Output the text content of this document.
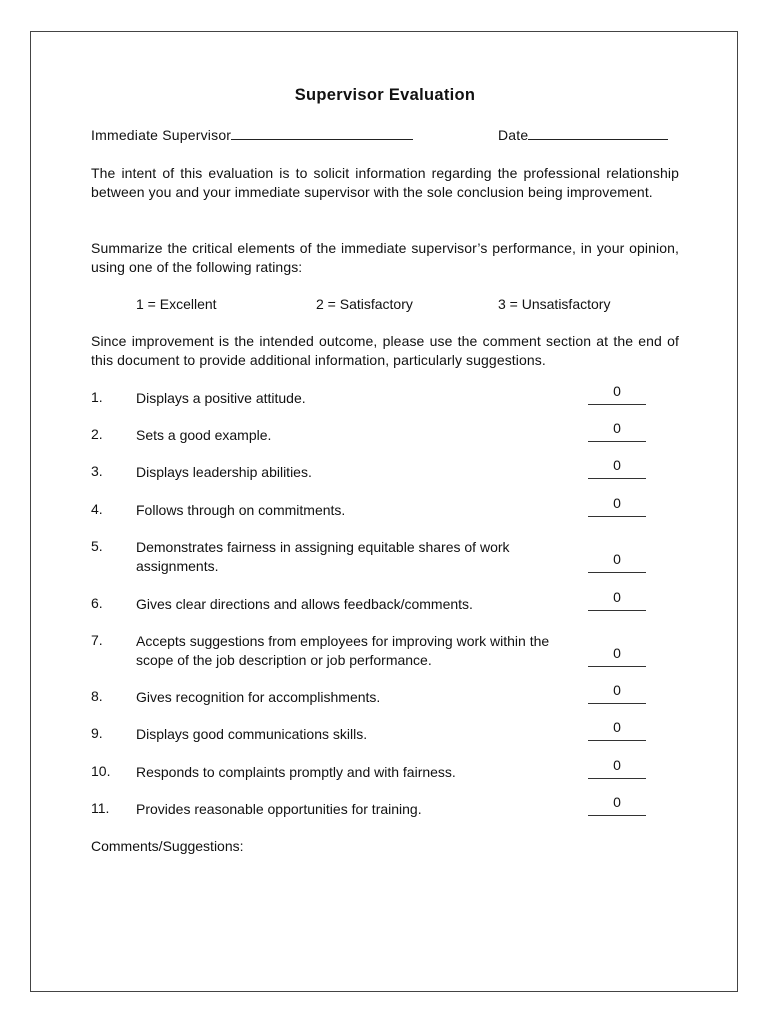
Supervisor Evaluation
Immediate Supervisor	Date
The intent of this evaluation is to solicit information regarding the professional relationship between you and your immediate supervisor with the sole conclusion being improvement.
Summarize the critical elements of the immediate supervisor’s performance, in your opinion, using one of the following ratings:
1 = Excellent	2 = Satisfactory	3 = Unsatisfactory
Since improvement is the intended outcome, please use the comment section at the end of this document to provide additional information, particularly suggestions.
1. Displays a positive attitude.	0
2. Sets a good example.	0
3. Displays leadership abilities.	0
4. Follows through on commitments.	0
5. Demonstrates fairness in assigning equitable shares of work assignments.	0
6. Gives clear directions and allows feedback/comments.	0
7. Accepts suggestions from employees for improving work within the scope of the job description or job performance.	0
8. Gives recognition for accomplishments.	0
9. Displays good communications skills.	0
10. Responds to complaints promptly and with fairness.	0
11. Provides reasonable opportunities for training.	0
Comments/Suggestions:
